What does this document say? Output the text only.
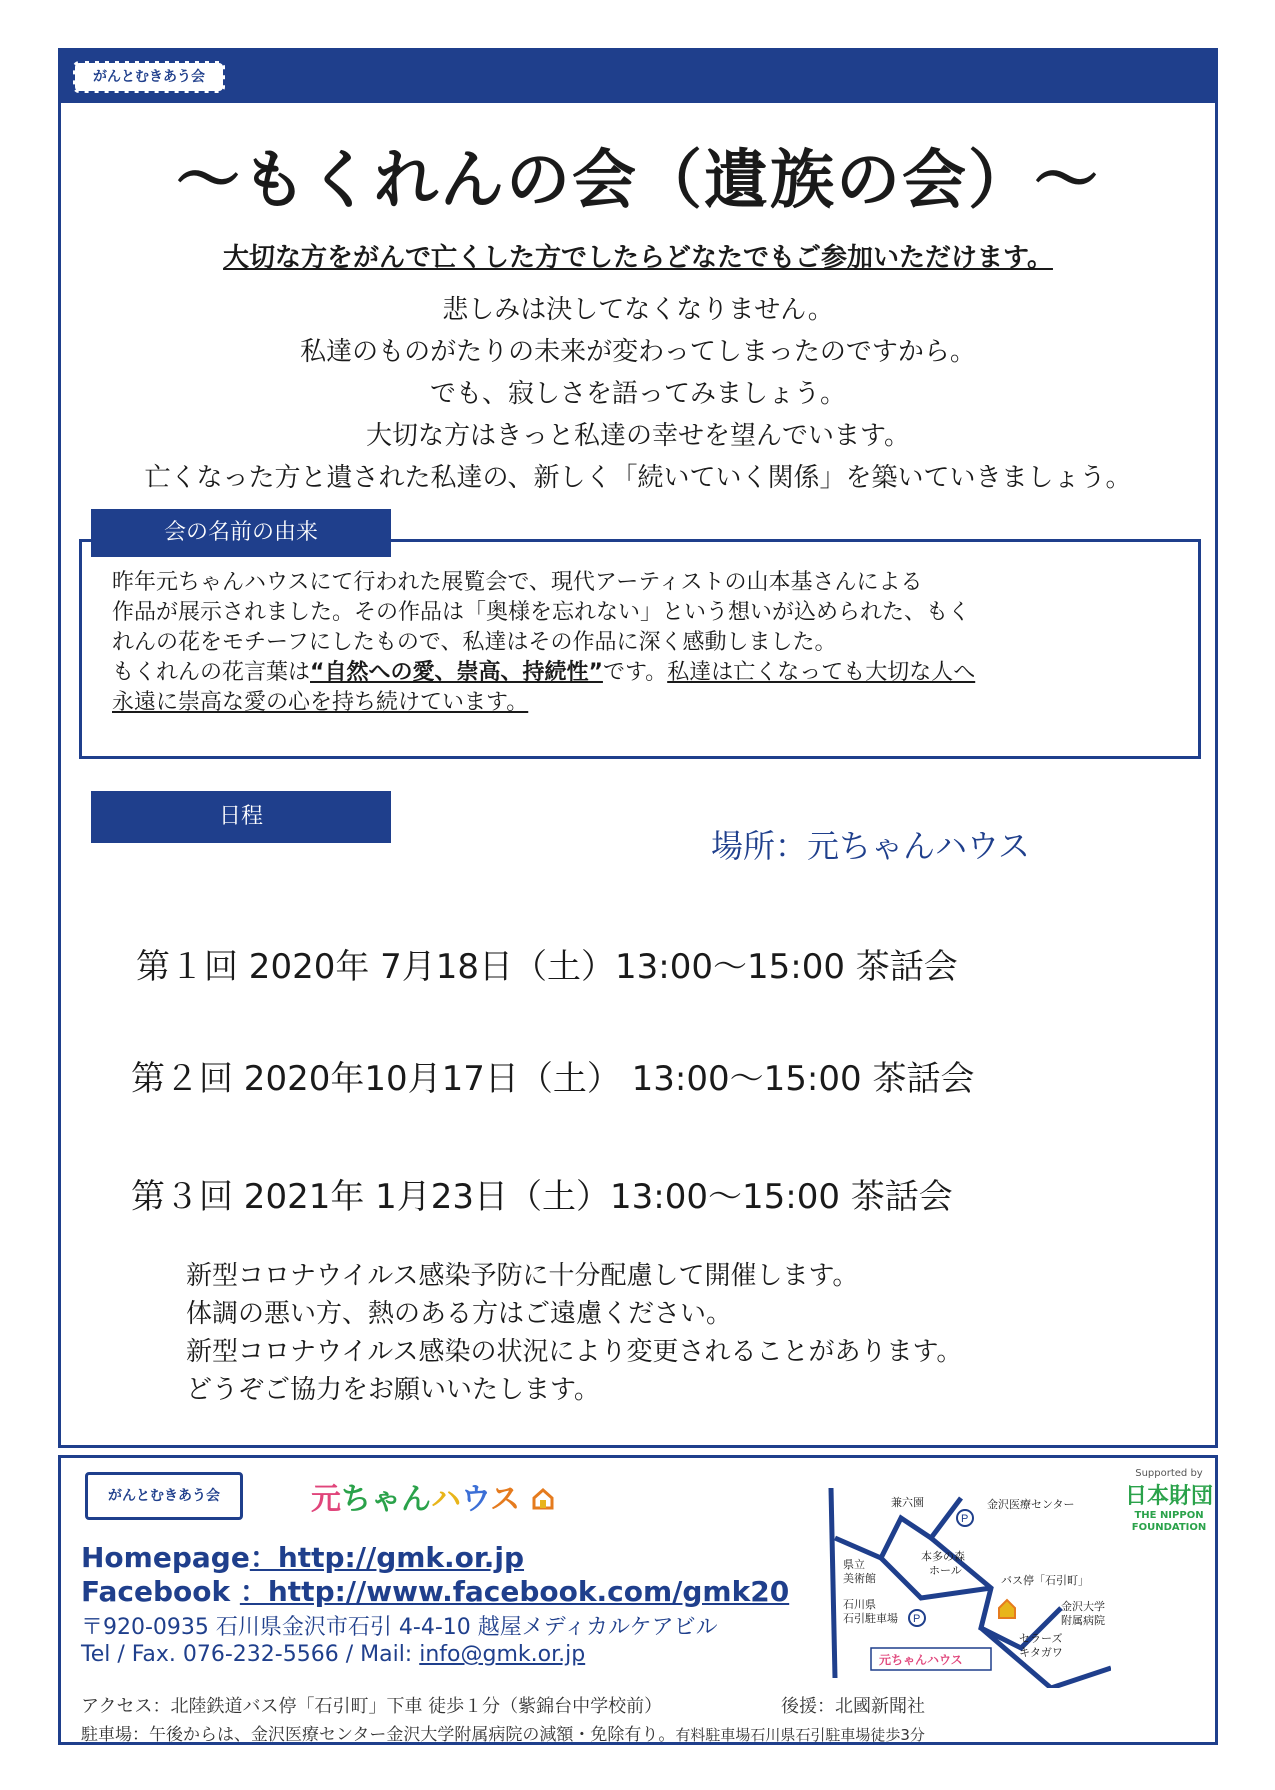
がんとむきあう会
～もくれんの会（遺族の会）～
大切な方をがんで亡くした方でしたらどなたでもご参加いただけます。
悲しみは決してなくなりません。
私達のものがたりの未来が変わってしまったのですから。
でも、寂しさを語ってみましょう。
大切な方はきっと私達の幸せを望んでいます。
亡くなった方と遺された私達の、新しく「続いていく関係」を築いていきましょう。
昨年元ちゃんハウスにて行われた展覧会で、現代アーティストの山本基さんによる
作品が展示されました。その作品は「奥様を忘れない」という想いが込められた、もく
れんの花をモチーフにしたもので、私達はその作品に深く感動しました。
もくれんの花言葉は“自然への愛、崇高、持続性”です。私達は亡くなっても大切な人へ
永遠に崇高な愛の心を持ち続けています。
会の名前の由来
日程
場所：元ちゃんハウス
第１回 2020年 7月18日（土）13:00～15:00 茶話会
第２回 2020年10月17日（土） 13:00～15:00 茶話会
第３回 2021年 1月23日（土）13:00～15:00 茶話会
新型コロナウイルス感染予防に十分配慮して開催します。
体調の悪い方、熱のある方はご遠慮ください。
新型コロナウイルス感染の状況により変更されることがあります。
どうぞご協力をお願いいたします。
がんとむきあう会	元ちゃんハウス
Homepage：http://gmk.or.jp
Facebook ：http://www.facebook.com/gmk20
〒920-0935 石川県金沢市石引 4-4-10 越屋メディカルケアビル
Tel / Fax. 076-232-5566 / Mail: info@gmk.or.jp
アクセス：北陸鉄道バス停「石引町」下車 徒歩１分（紫錦台中学校前）	後援：北國新聞社
駐車場：午後からは、金沢医療センター金沢大学附属病院の減額・免除有り。有料駐車場石川県石引駐車場徒歩3分
兼六園	金沢医療センター
本多の森
ホール
県立
美術館
石川県
石引駐車場
バス停「石引町」
セラーズ
キタガワ
金沢大学
附属病院
P
P
元ちゃんハウス
Supported by
日本財団
THE NIPPON
FOUNDATION
